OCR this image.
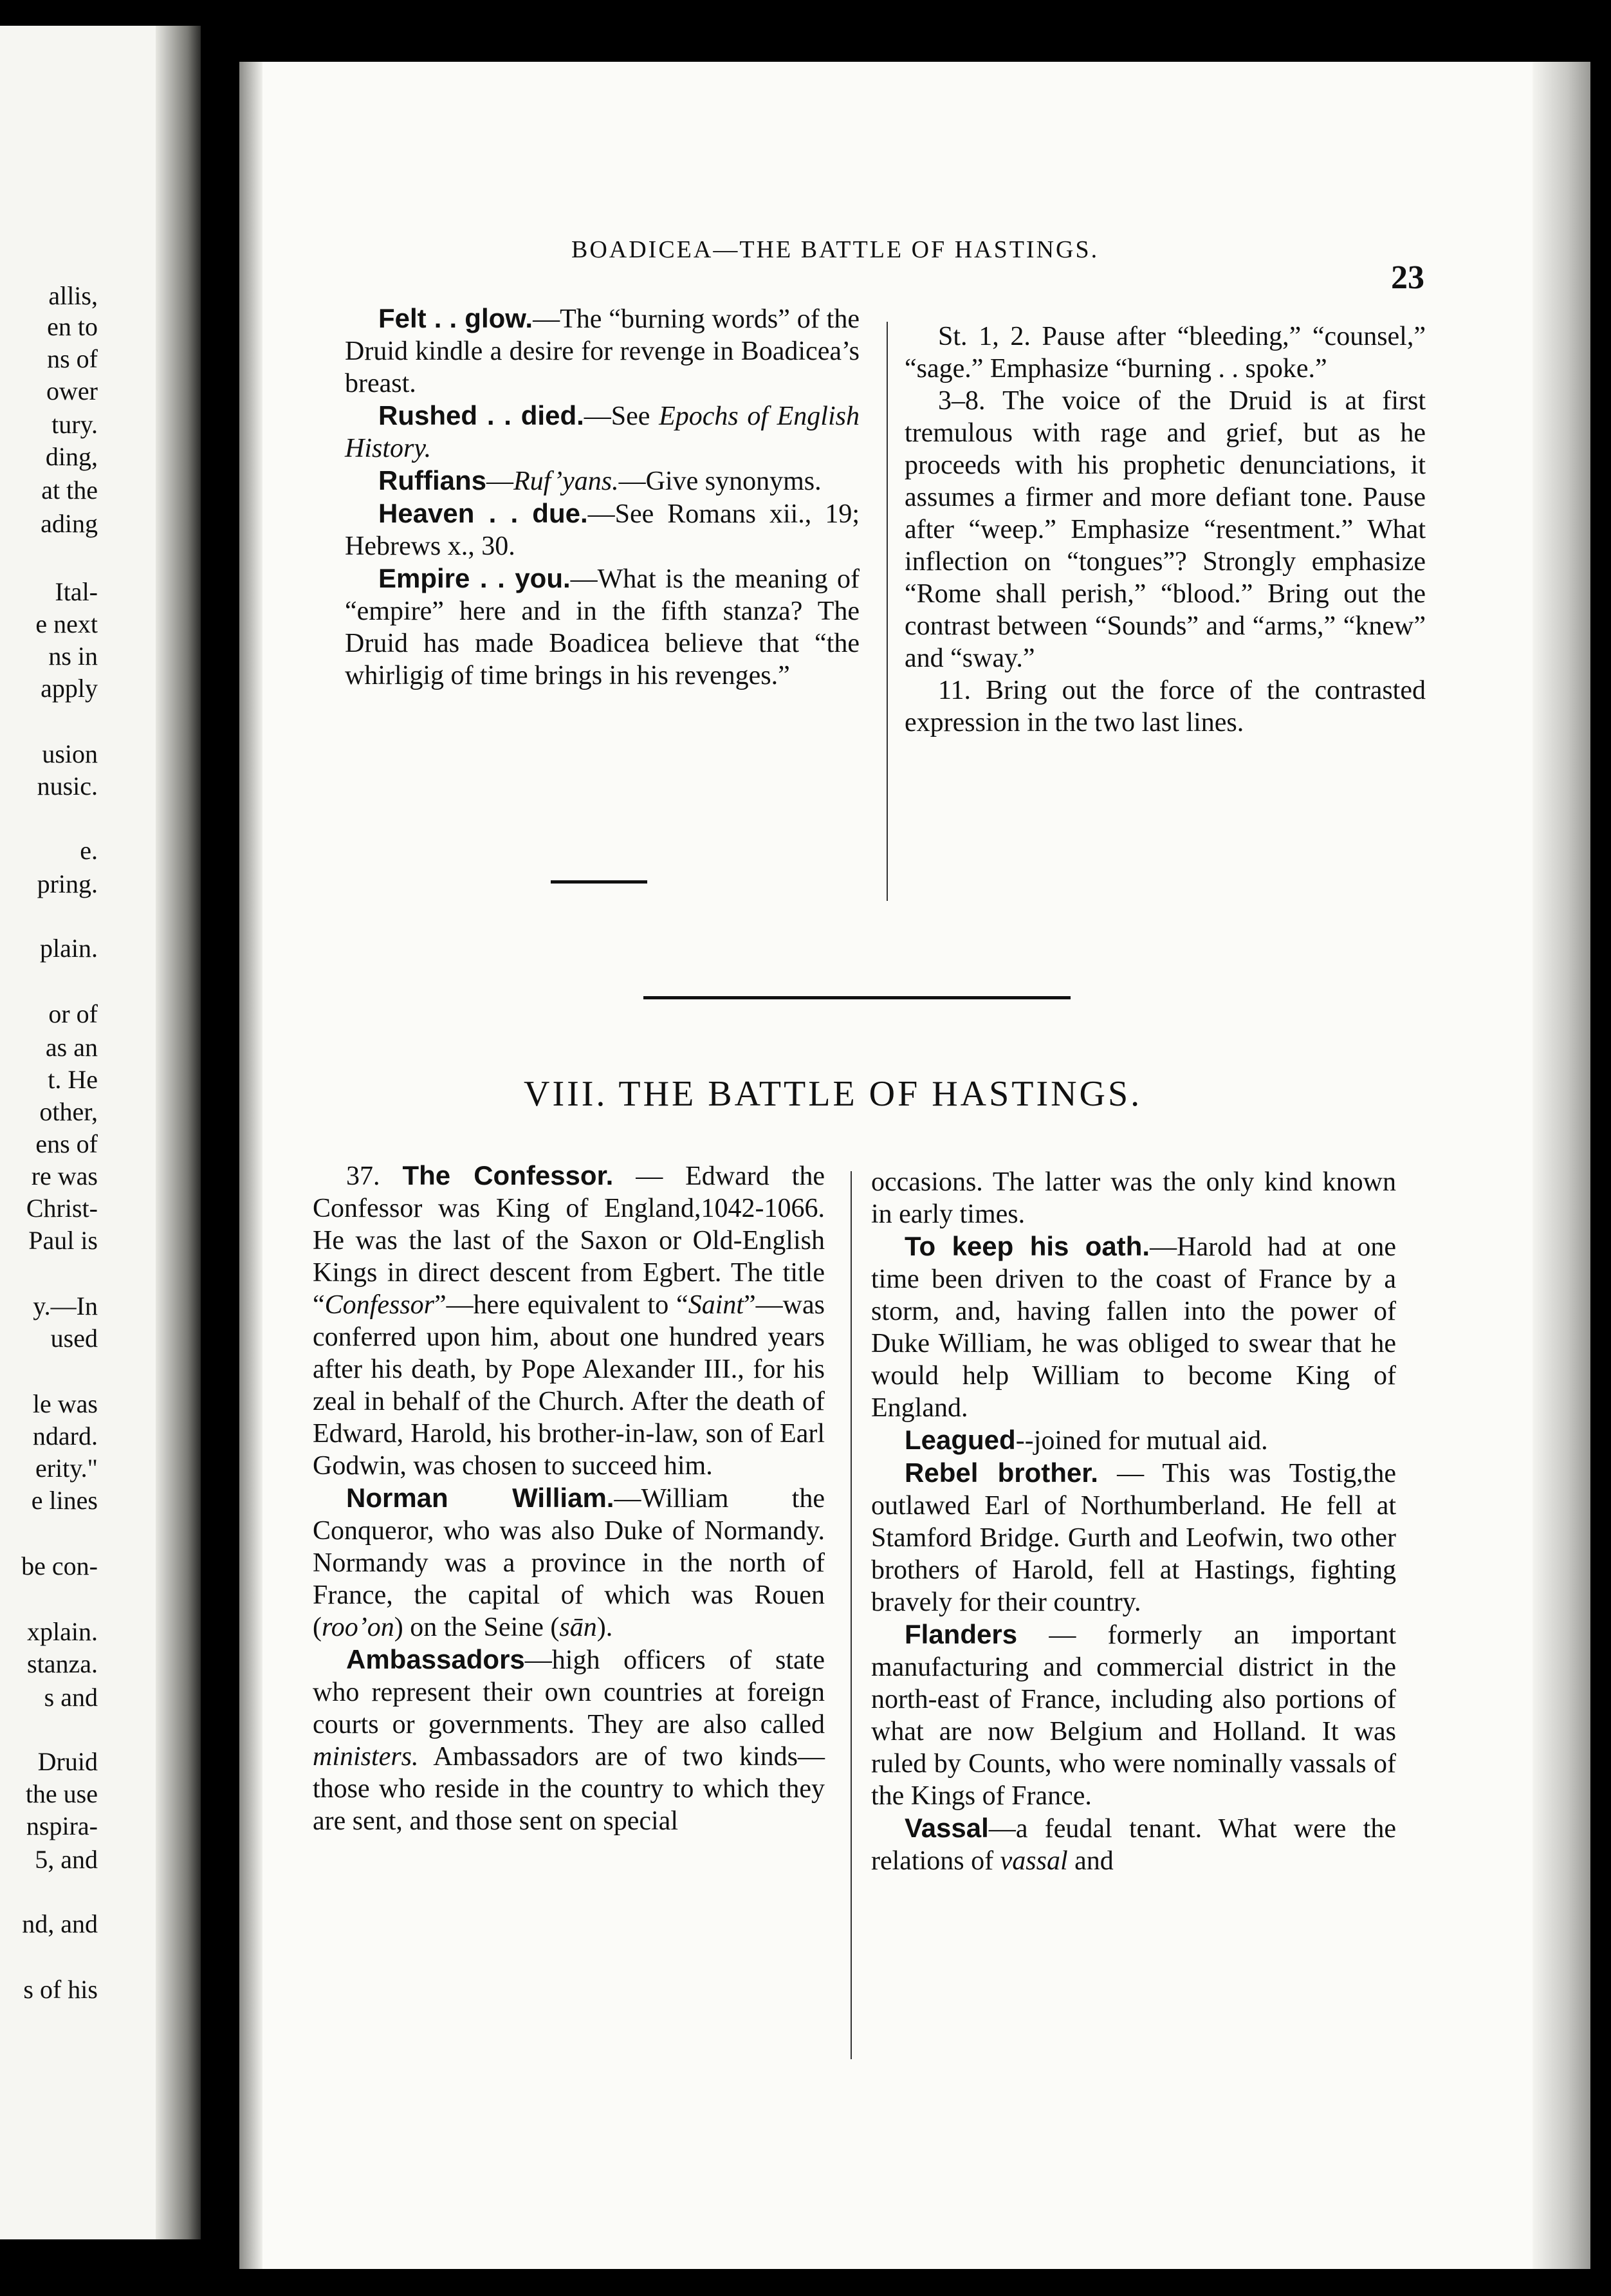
allis,
en to
ns of
ower
tury.
ding,
at the
ading
Ital-
e next
ns in
apply
usion
nusic.
e.
pring.
plain.
or of
as an
t. He
other,
ens of
re was
Christ-
Paul is
y.—In
used
le was
ndard.
erity."
e lines
be con-
xplain.
stanza.
s and
Druid
the use
nspira-
5, and
nd, and
s of his
BOADICEA—THE BATTLE OF HASTINGS.
23

Felt . . glow.—The “burning words” of the Druid kindle a desire for revenge in Boadicea’s breast.

Rushed . . died.—See Epochs of English History.

Ruffians—Ruf’yans.—Give synonyms.

Heaven . . due.—See Romans xii., 19; Hebrews x., 30.

Empire . . you.—What is the meaning of “empire” here and in the fifth stanza? The Druid has made Boadicea believe that “the whirligig of time brings in his revenges.”

St. 1, 2. Pause after “bleeding,” “counsel,” “sage.” Emphasize “burning . . spoke.”

3–8. The voice of the Druid is at first tremulous with rage and grief, but as he proceeds with his prophetic denunciations, it assumes a firmer and more defiant tone. Pause after “weep.” Emphasize “resentment.” What inflection on “tongues”? Strongly emphasize “Rome shall perish,” “blood.” Bring out the contrast between “Sounds” and “arms,” “knew” and “sway.”

11. Bring out the force of the contrasted expression in the two last lines.

VIII. THE BATTLE OF HASTINGS.

37. The Confessor. — Edward the Confessor was King of England,1042-1066. He was the last of the Saxon or Old-English Kings in direct descent from Egbert. The title “Confessor”—here equivalent to “Saint”—was conferred upon him, about one hundred years after his death, by Pope Alexander III., for his zeal in behalf of the Church. After the death of Edward, Harold, his brother-in-law, son of Earl Godwin, was chosen to succeed him.

Norman William.—William the Conqueror, who was also Duke of Normandy. Normandy was a province in the north of France, the capital of which was Rouen (roo’on) on the Seine (sān).

Ambassadors—high officers of state who represent their own countries at foreign courts or governments. They are also called ministers. Ambassadors are of two kinds—those who reside in the country to which they are sent, and those sent on special

occasions. The latter was the only kind known in early times.

To keep his oath.—Harold had at one time been driven to the coast of France by a storm, and, having fallen into the power of Duke William, he was obliged to swear that he would help William to become King of England.

Leagued--joined for mutual aid.

Rebel brother. — This was Tostig,the outlawed Earl of Northumberland. He fell at Stamford Bridge. Gurth and Leofwin, two other brothers of Harold, fell at Hastings, fighting bravely for their country.

Flanders — formerly an important manufacturing and commercial district in the north-east of France, including also portions of what are now Belgium and Holland. It was ruled by Counts, who were nominally vassals of the Kings of France.

Vassal—a feudal tenant. What were the relations of vassal and
